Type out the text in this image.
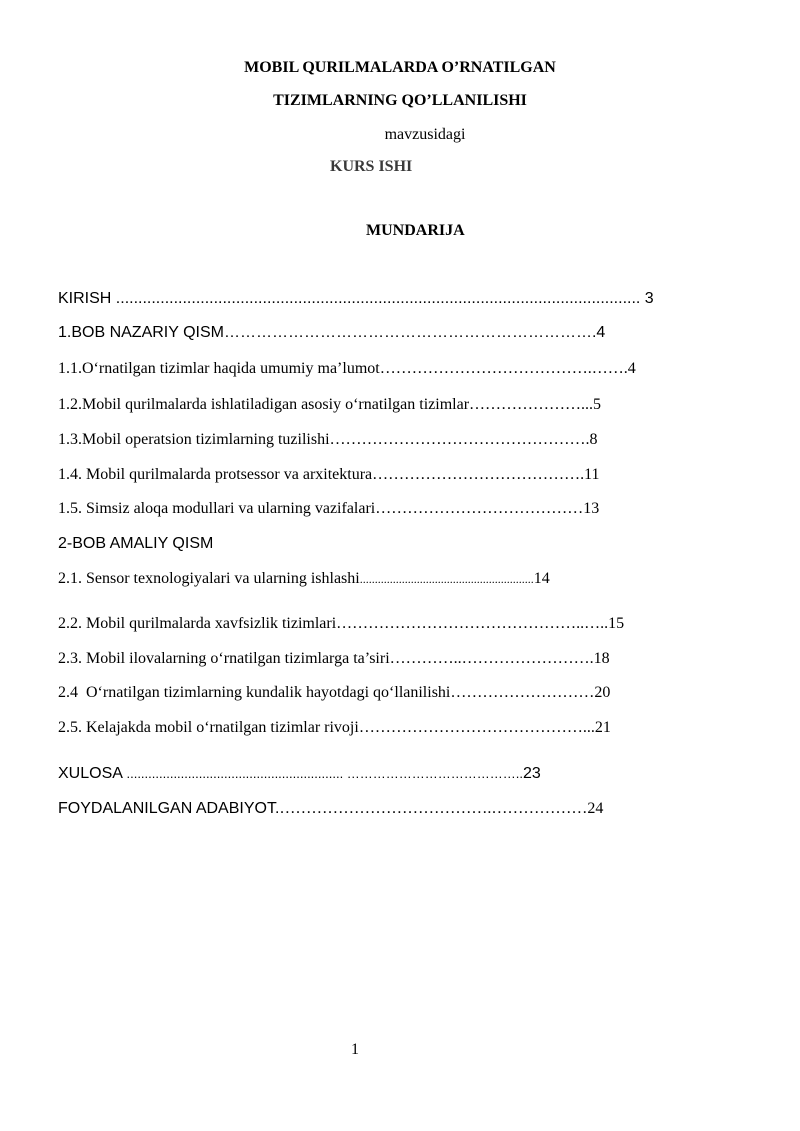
MOBIL QURILMALARDA O’RNATILGAN
TIZIMLARNING QO’LLANILISHI
mavzusidagi
KURS ISHI
MUNDARIJA
KIRISH ...................................................................................................................... 3
1.BOB NAZARIY QISM…………………………………………………………….4
1.1.O‘rnatilgan tizimlar haqida umumiy ma’lumot………………………………….…….4
1.2.Mobil qurilmalarda ishlatiladigan asosiy o‘rnatilgan tizimlar…………………...5
1.3.Mobil operatsion tizimlarning tuzilishi………………………………………….8
1.4. Mobil qurilmalarda protsessor va arxitektura………………………………….11
1.5. Simsiz aloqa modullari va ularning vazifalari…………………………………13
2-BOB AMALIY QISM
2.1. Sensor texnologiyalari va ularning ishlashi..........................................................14
2.2. Mobil qurilmalarda xavfsizlik tizimlari………………………………………..…..15
2.3. Mobil ilovalarning o‘rnatilgan tizimlarga ta’siri…………..…………………….18
2.4  O‘rnatilgan tizimlarning kundalik hayotdagi qo‘llanilishi………………………20
2.5. Kelajakda mobil o‘rnatilgan tizimlar rivoji……………………………………...21
XULOSA ............................................................ …………………………………..23
FOYDALANILGAN ADABIYOT.………………………………….………………24
1
